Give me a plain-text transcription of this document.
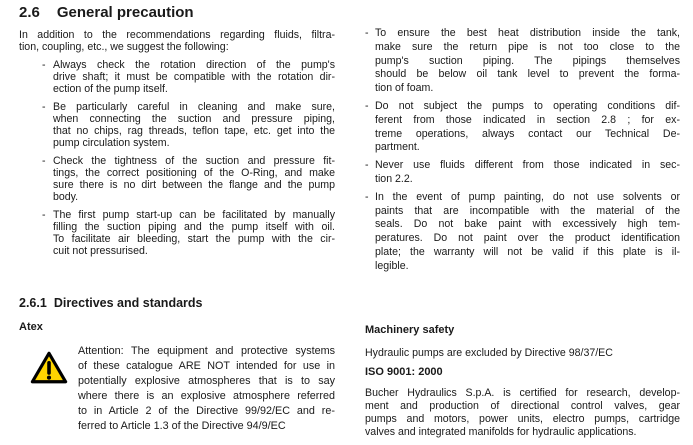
2.6 General precaution
In addition to the recommendations regarding fluids, filtra-
tion, coupling, etc., we suggest the following:
- Always check the rotation direction of the pump's
drive shaft; it must be compatible with the rotation dir-
ection of the pump itself.
- Be particularly careful in cleaning and make sure,
when connecting the suction and pressure piping,
that no chips, rag threads, teflon tape, etc. get into the
pump circulation system.
- Check the tightness of the suction and pressure fit-
tings, the correct positioning of the O-Ring, and make
sure there is no dirt between the flange and the pump
body.
- The first pump start-up can be facilitated by manually
filling the suction piping and the pump itself with oil.
To facilitate air bleeding, start the pump with the cir-
cuit not pressurised.
2.6.1 Directives and standards
Atex
Attention: The equipment and protective systems
of these catalogue ARE NOT intended for use in
potentially explosive atmospheres that is to say
where there is an explosive atmosphere referred
to in Article 2 of the Directive 99/92/EC and re-
ferred to Article 1.3 of the Directive 94/9/EC
- To ensure the best heat distribution inside the tank,
make sure the return pipe is not too close to the
pump's suction piping. The pipings themselves
should be below oil tank level to prevent the forma-
tion of foam.
- Do not subject the pumps to operating conditions dif-
ferent from those indicated in section 2.8 ; for ex-
treme operations, always contact our Technical De-
partment.
- Never use fluids different from those indicated in sec-
tion 2.2.
- In the event of pump painting, do not use solvents or
paints that are incompatible with the material of the
seals. Do not bake paint with excessively high tem-
peratures. Do not paint over the product identification
plate; the warranty will not be valid if this plate is il-
legible.
Machinery safety
Hydraulic pumps are excluded by Directive 98/37/EC
ISO 9001: 2000
Bucher Hydraulics S.p.A. is certified for research, develop-
ment and production of directional control valves, gear
pumps and motors, power units, electro pumps, cartridge
valves and integrated manifolds for hydraulic applications.
